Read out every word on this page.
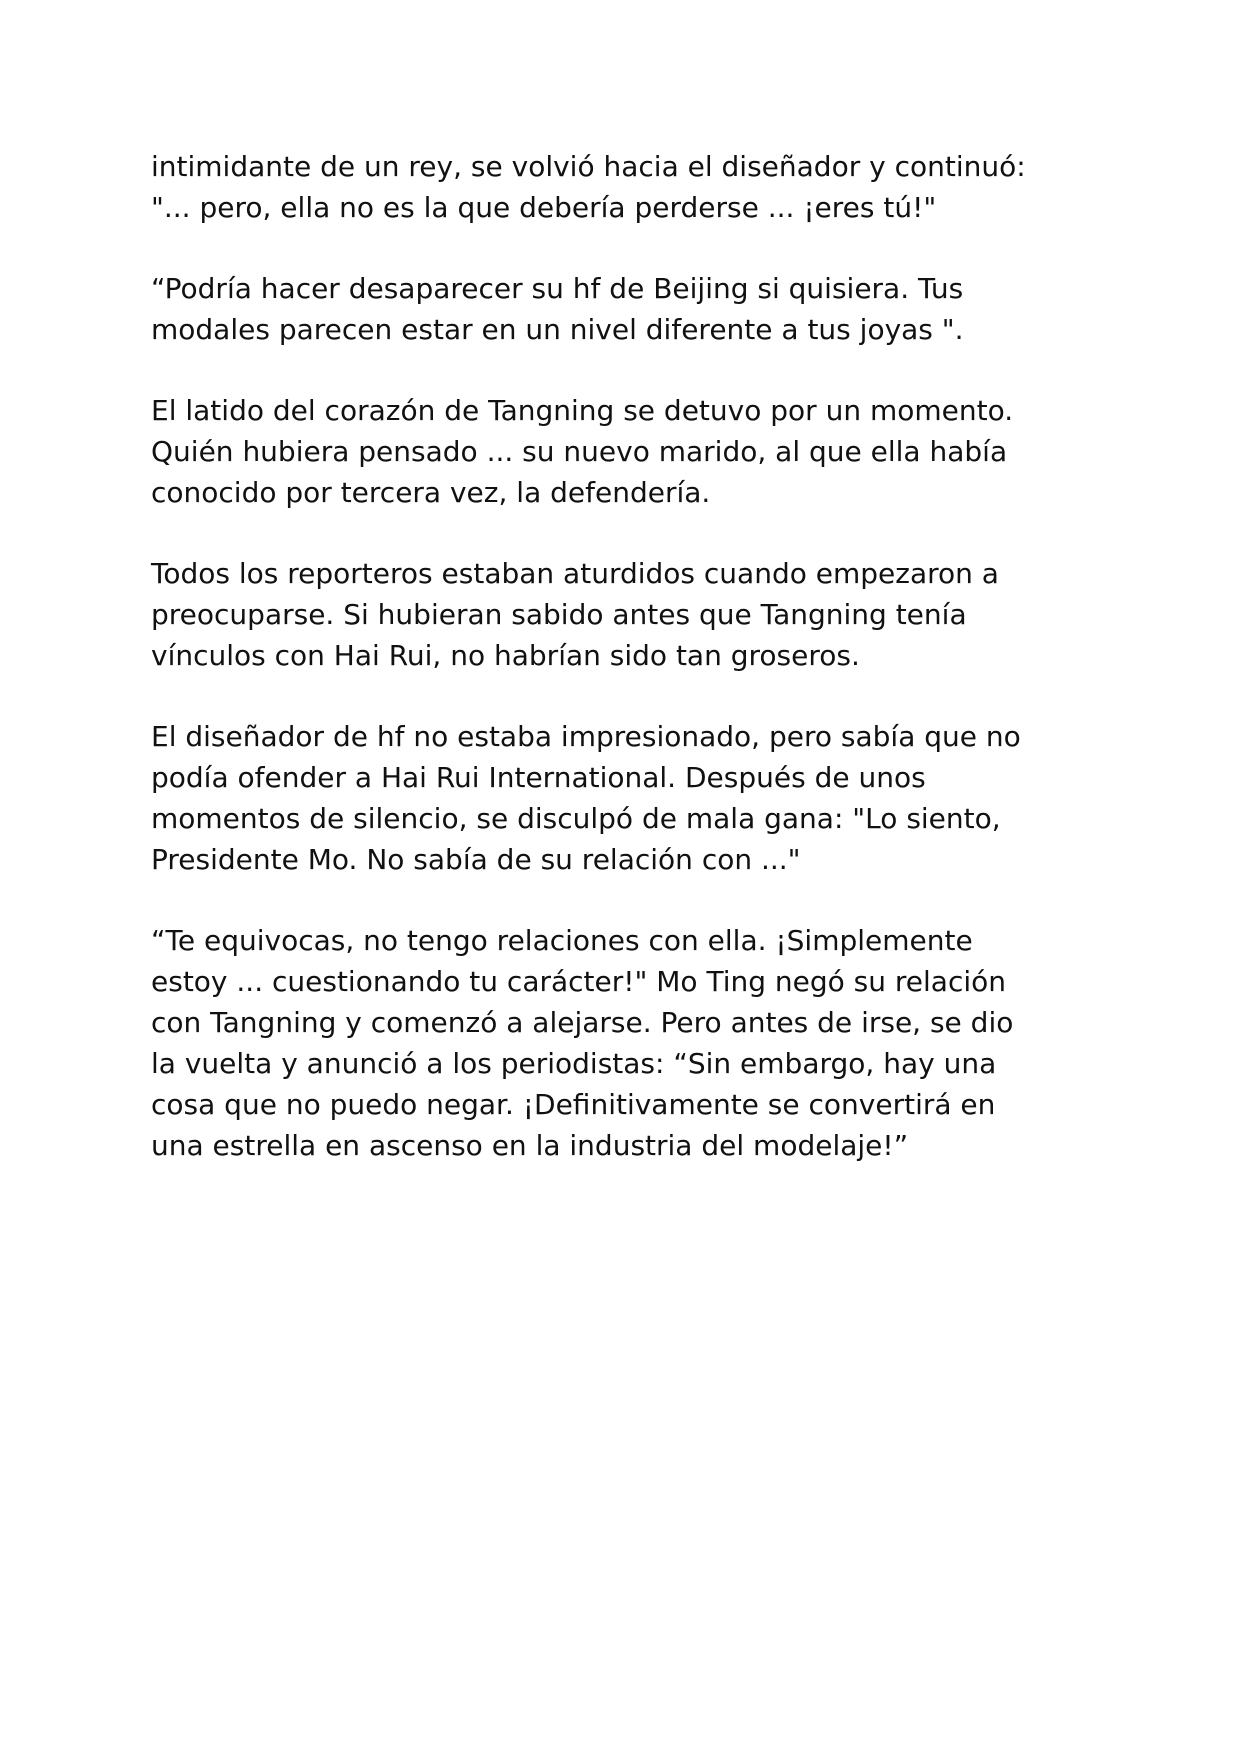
intimidante de un rey, se volvió hacia el diseñador y continuó:
"... pero, ella no es la que debería perderse ... ¡eres tú!"

“Podría hacer desaparecer su hf de Beijing si quisiera. Tus
modales parecen estar en un nivel diferente a tus joyas ".

El latido del corazón de Tangning se detuvo por un momento.
Quién hubiera pensado ... su nuevo marido, al que ella había
conocido por tercera vez, la defendería.

Todos los reporteros estaban aturdidos cuando empezaron a
preocuparse. Si hubieran sabido antes que Tangning tenía
vínculos con Hai Rui, no habrían sido tan groseros.

El diseñador de hf no estaba impresionado, pero sabía que no
podía ofender a Hai Rui International. Después de unos
momentos de silencio, se disculpó de mala gana: "Lo siento,
Presidente Mo. No sabía de su relación con ..."

“Te equivocas, no tengo relaciones con ella. ¡Simplemente
estoy ... cuestionando tu carácter!" Mo Ting negó su relación
con Tangning y comenzó a alejarse. Pero antes de irse, se dio
la vuelta y anunció a los periodistas: “Sin embargo, hay una
cosa que no puedo negar. ¡Definitivamente se convertirá en
una estrella en ascenso en la industria del modelaje!”
